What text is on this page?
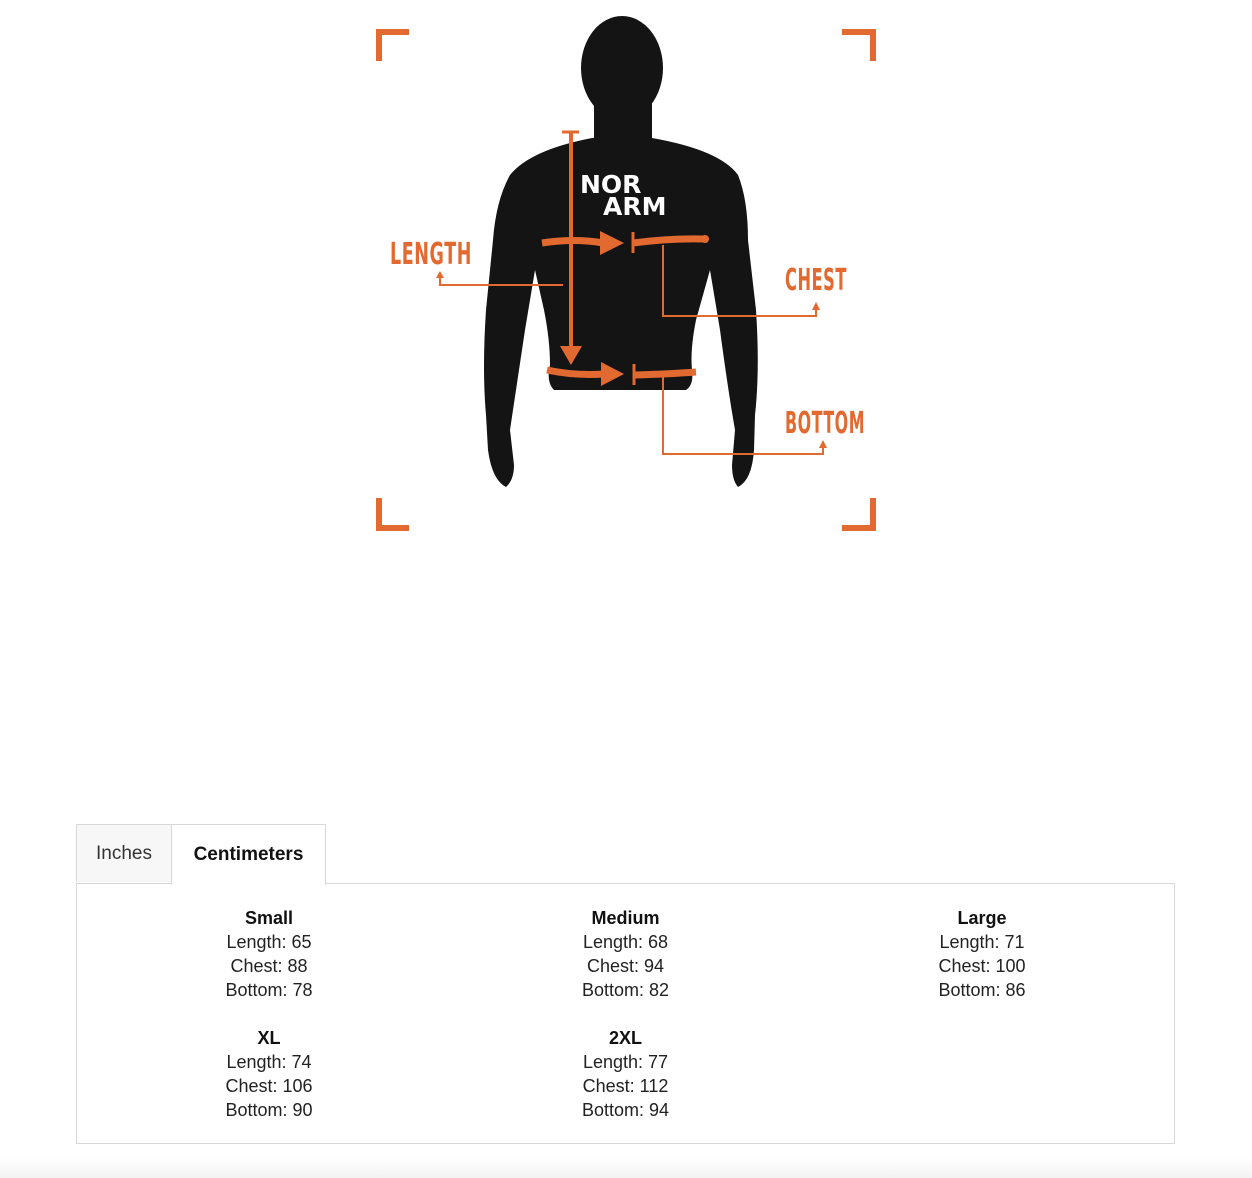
NOR
ARM
LENGTH
CHEST
BOTTOM
Inches	Centimeters
Small
Length: 65
Chest: 88
Bottom: 78
Medium
Length: 68
Chest: 94
Bottom: 82
Large
Length: 71
Chest: 100
Bottom: 86
XL
Length: 74
Chest: 106
Bottom: 90
2XL
Length: 77
Chest: 112
Bottom: 94
